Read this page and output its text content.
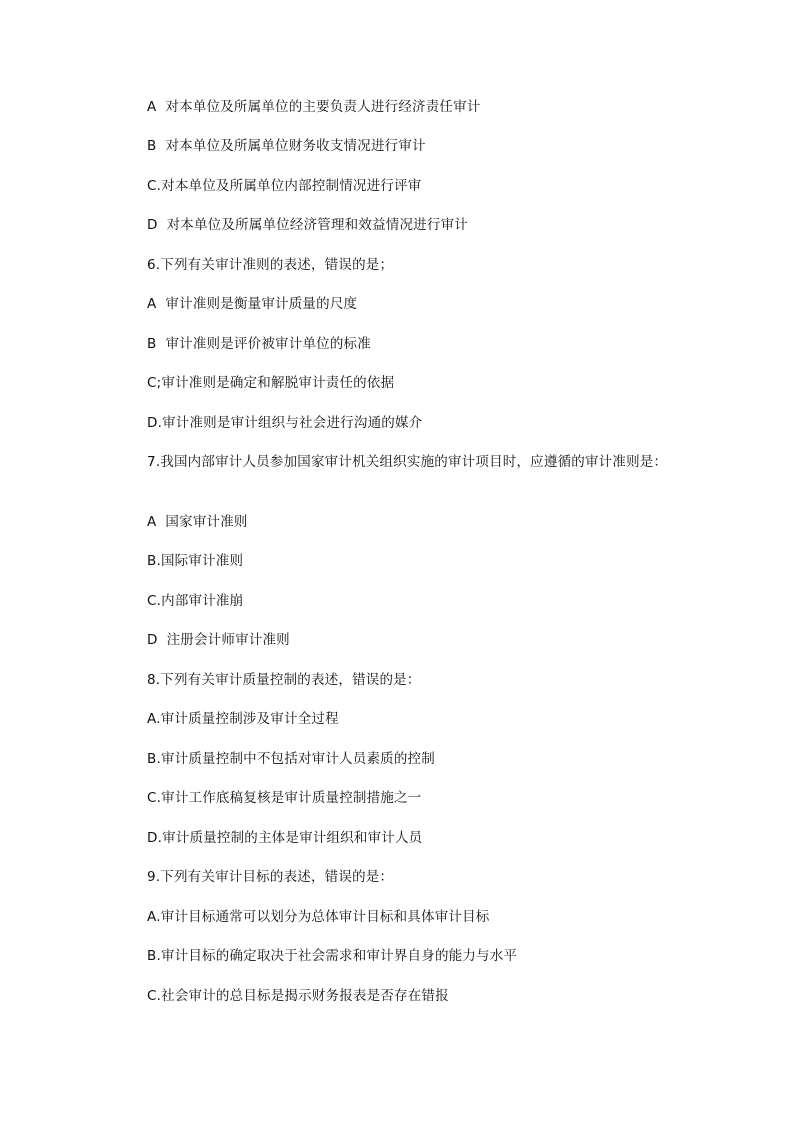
A  对本单位及所属单位的主要负责人进行经济责任审计
B  对本单位及所属单位财务收支情况进行审计
C.对本单位及所属单位内部控制情况进行评审
D  对本单位及所属单位经济管理和效益情况进行审计
6.下列有关审计准则的表述，错误的是；
A  审计准则是衡量审计质量的尺度
B  审计准则是评价被审计单位的标准
C;审计准则是确定和解脱审计责任的依据
D.审计准则是审计组织与社会进行沟通的媒介
7.我国内部审计人员参加国家审计机关组织实施的审计项目时，应遵循的审计准则是：
A  国家审计准则
B.国际审计准则
C.内部审计准崩
D  注册会计师审计准则
8.下列有关审计质量控制的表述，错误的是：
A.审计质量控制涉及审计全过程
B.审计质量控制中不包括对审计人员素质的控制
C.审计工作底稿复核是审计质量控制措施之一
D.审计质量控制的主体是审计组织和审计人员
9.下列有关审计目标的表述，错误的是：
A.审计目标通常可以划分为总体审计目标和具体审计目标
B.审计目标的确定取决于社会需求和审计界自身的能力与水平
C.社会审计的总目标是揭示财务报表是否存在错报
